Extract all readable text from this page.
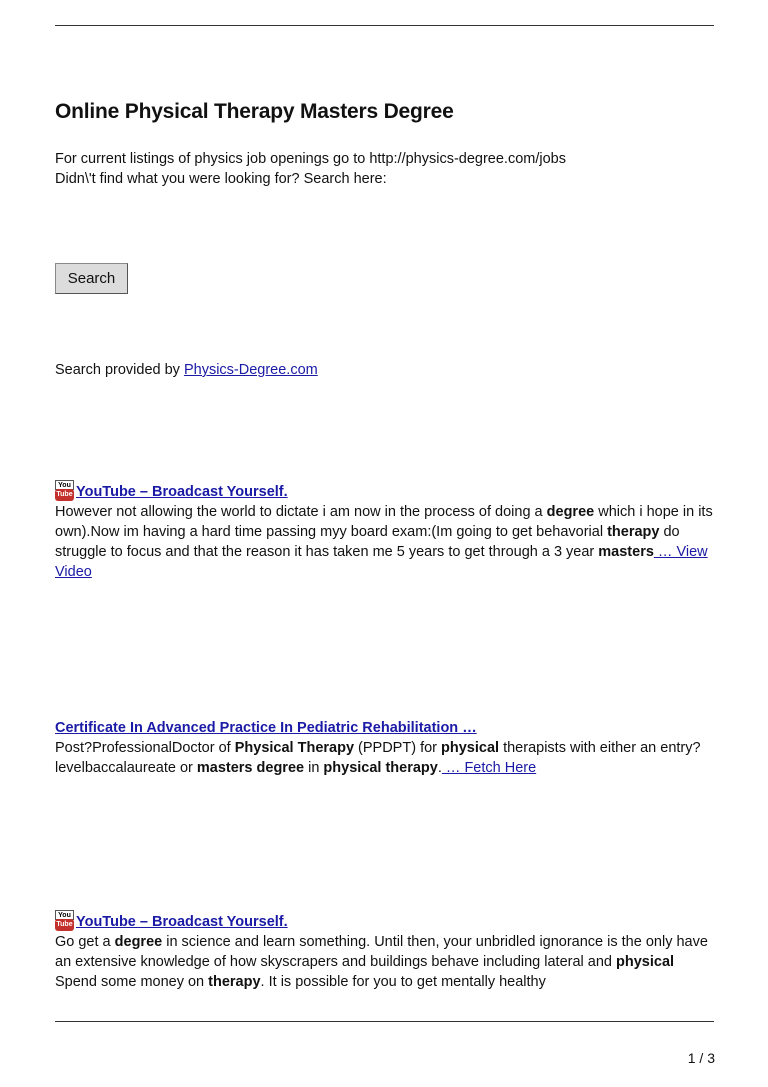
Online Physical Therapy Masters Degree
For current listings of physics job openings go to http://physics-degree.com/jobs
Didn\'t find what you were looking for? Search here:
Search
Search provided by Physics-Degree.com
You
Tube YouTube – Broadcast Yourself.

However not allowing the world to dictate i am now in the process of doing a degree which i hope in its own).Now im having a hard time passing myy board exam:(Im going to get behavorial therapy do struggle to focus and that the reason it has taken me 5 years to get through a 3 year masters … View Video

Certificate In Advanced Practice In Pediatric Rehabilitation …

Post?ProfessionalDoctor of Physical Therapy (PPDPT) for physical therapists with either an entry?levelbaccalaureate or masters degree in physical therapy. … Fetch Here

You
Tube YouTube – Broadcast Yourself.

Go get a degree in science and learn something. Until then, your unbridled ignorance is the only have an extensive knowledge of how skyscrapers and buildings behave including lateral and physical Spend some money on therapy. It is possible for you to get mentally healthy

1 / 3
